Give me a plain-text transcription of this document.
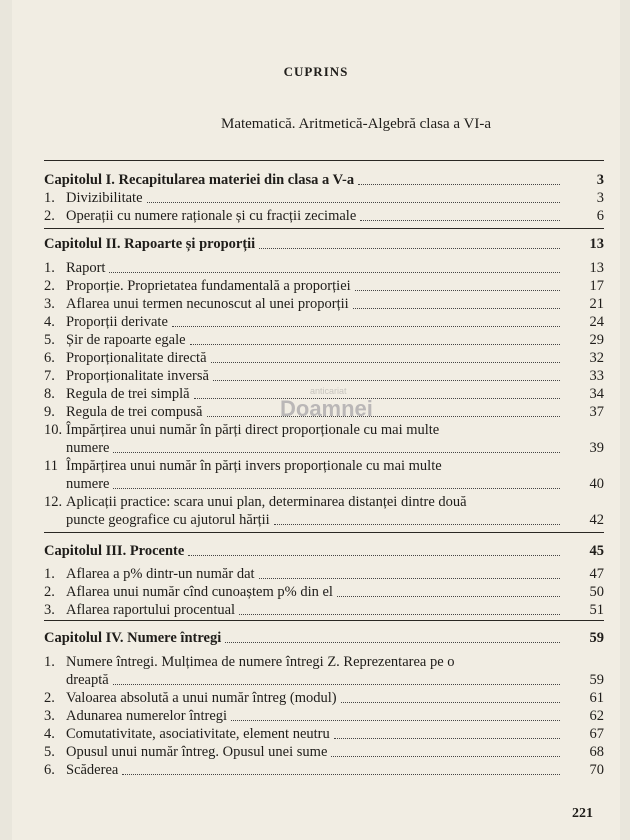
CUPRINS
Matematică. Aritmetică-Algebră clasa a VI-a
Capitolul I. Recapitularea materiei din clasa a V-a	3
1. Divizibilitate	3
2. Operații cu numere raționale și cu fracții zecimale	6
Capitolul II. Rapoarte și proporții	13
1. Raport	13
2. Proporție. Proprietatea fundamentală a proporției	17
3. Aflarea unui termen necunoscut al unei proporții	21
4. Proporții derivate	24
5. Șir de rapoarte egale	29
6. Proporționalitate directă	32
7. Proporționalitate inversă	33
8. Regula de trei simplă	34
9. Regula de trei compusă	37
10. Împărțirea unui număr în părți direct proporționale cu mai multe
numere	39
11 Împărțirea unui număr în părți invers proporționale cu mai multe
numere	40
12. Aplicații practice: scara unui plan, determinarea distanței dintre două
puncte geografice cu ajutorul hărții	42
Capitolul III. Procente	45
1. Aflarea a p% dintr-un număr dat	47
2. Aflarea unui număr cînd cunoaștem p% din el	50
3. Aflarea raportului procentual	51
Capitolul IV. Numere întregi	59
1. Numere întregi. Mulțimea de numere întregi Z. Reprezentarea pe o
dreaptă	59
2. Valoarea absolută a unui număr întreg (modul)	61
3. Adunarea numerelor întregi	62
4. Comutativitate, asociativitate, element neutru	67
5. Opusul unui număr întreg. Opusul unei sume	68
6. Scăderea	70
anticariat
Doamnei
221
